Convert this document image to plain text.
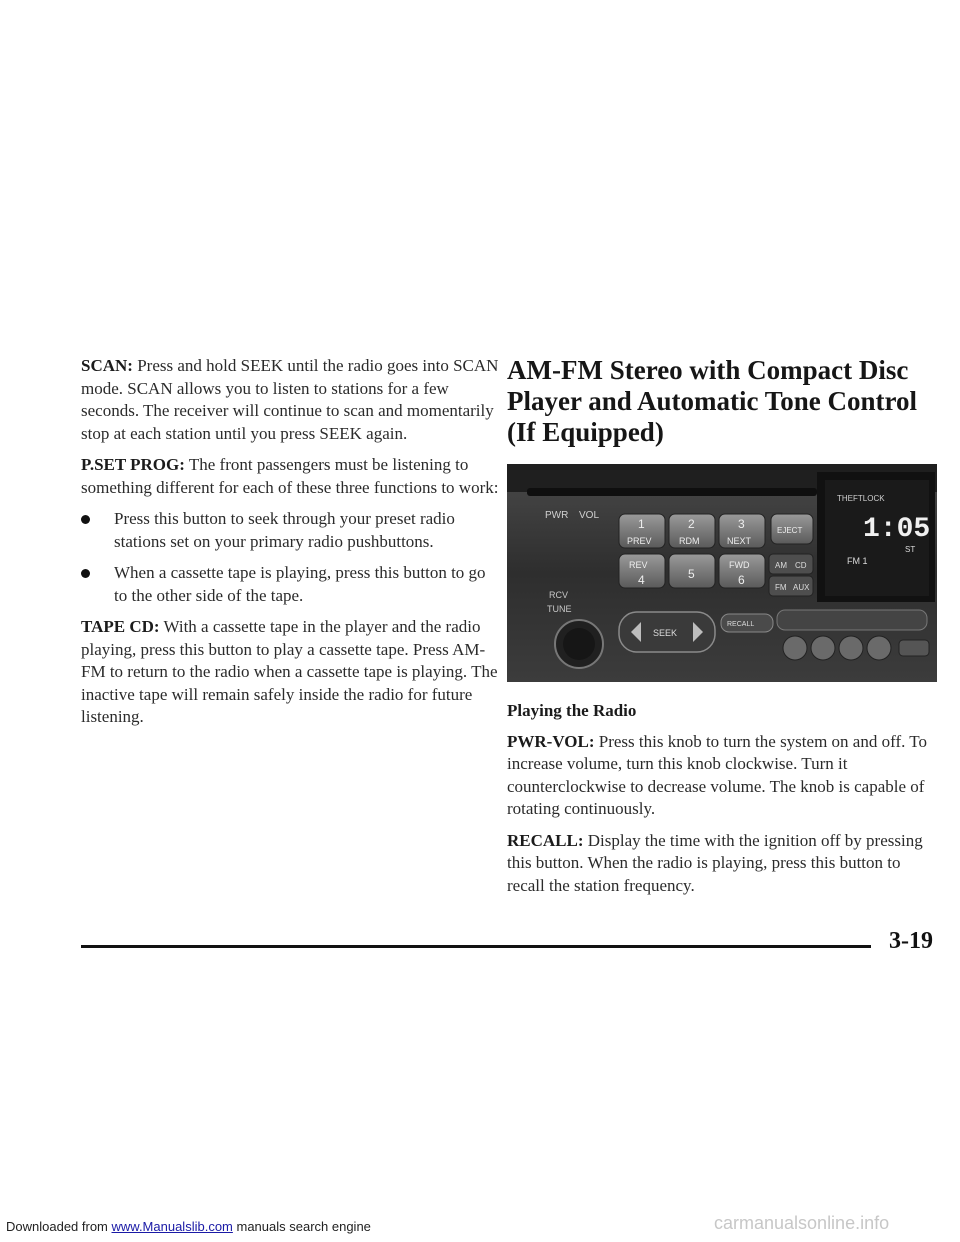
SCAN: Press and hold SEEK until the radio goes into SCAN mode. SCAN allows you to listen to stations for a few seconds. The receiver will continue to scan and momentarily stop at each station until you press SEEK again.

P.SET PROG: The front passengers must be listening to something different for each of these three functions to work:

Press this button to seek through your preset radio stations set on your primary radio pushbuttons.
When a cassette tape is playing, press this button to go to the other side of the tape.

TAPE CD: With a cassette tape in the player and the radio playing, press this button to play a cassette tape. Press AM-FM to return to the radio when a cassette tape is playing. The inactive tape will remain safely inside the radio for future listening.

AM-FM Stereo with Compact Disc Player and Automatic Tone Control (If Equipped)
THEFTLOCK
1:05
FM 1
ST
PWR VOL
RCV
TUNE
1
PREV
2
RDM
3
NEXT
EJECT
REV
4	5
FWD
6
AM CD
FM AUX
SEEK
RECALL
Playing the Radio

PWR-VOL: Press this knob to turn the system on and off. To increase volume, turn this knob clockwise. Turn it counterclockwise to decrease volume. The knob is capable of rotating continuously.

RECALL: Display the time with the ignition off by pressing this button. When the radio is playing, press this button to recall the station frequency.

3-19
Downloaded from www.Manualslib.com manuals search engine	carmanualsonline.info
